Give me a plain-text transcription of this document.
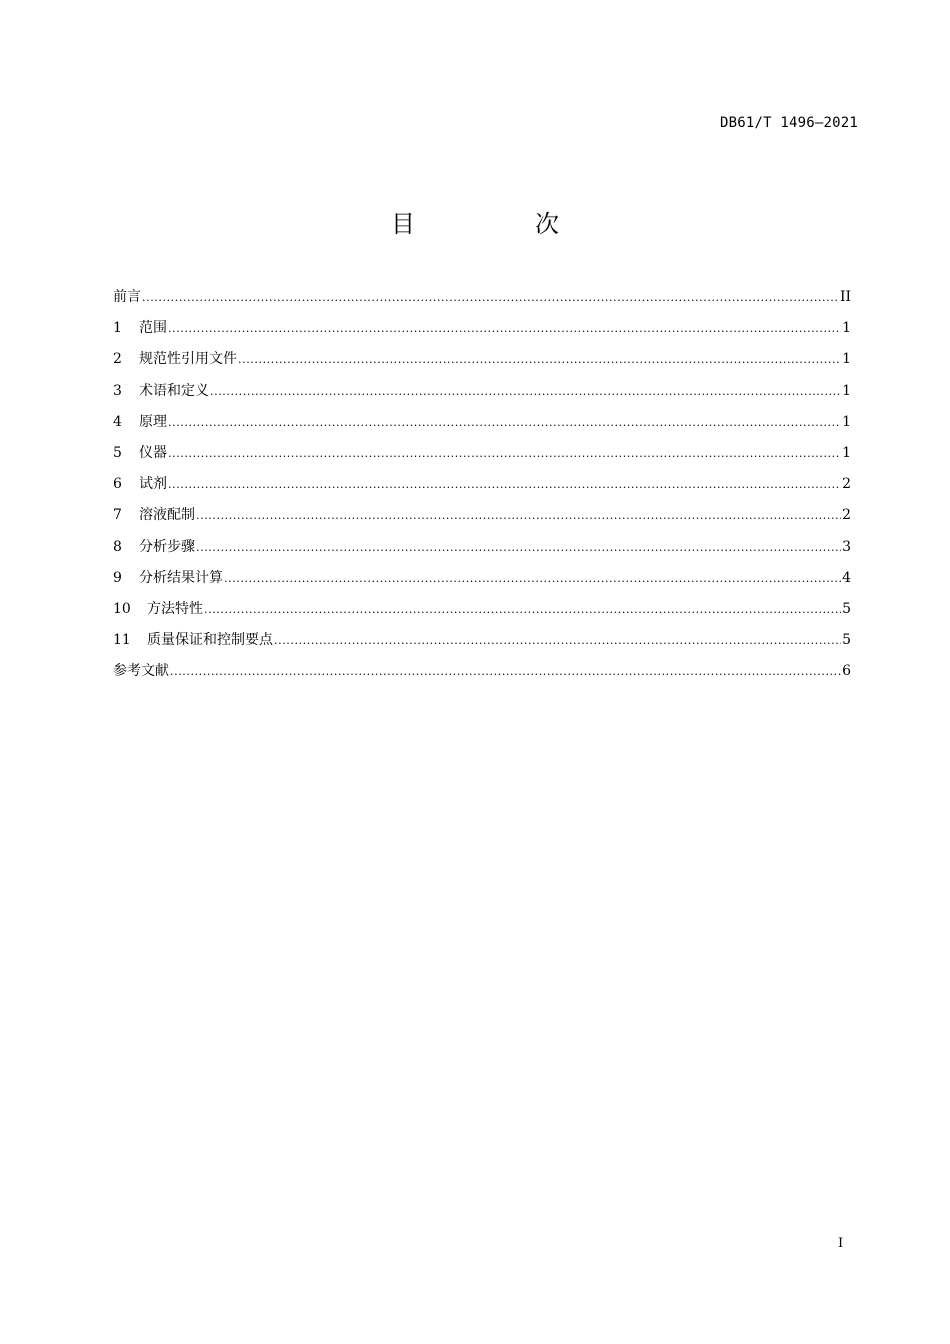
DB61/T 1496—2021
目　次
前言 .....	II
1	范围 .....	1
2	规范性引用文件 .....	1
3	术语和定义 .....	1
4	原理 .....	1
5	仪器 .....	1
6	试剂 .....	2
7	溶液配制 .....	2
8	分析步骤 .....	3
9	分析结果计算 .....	4
10	方法特性 .....	5
11	质量保证和控制要点 .....	5
参考文献 .....	6
I
